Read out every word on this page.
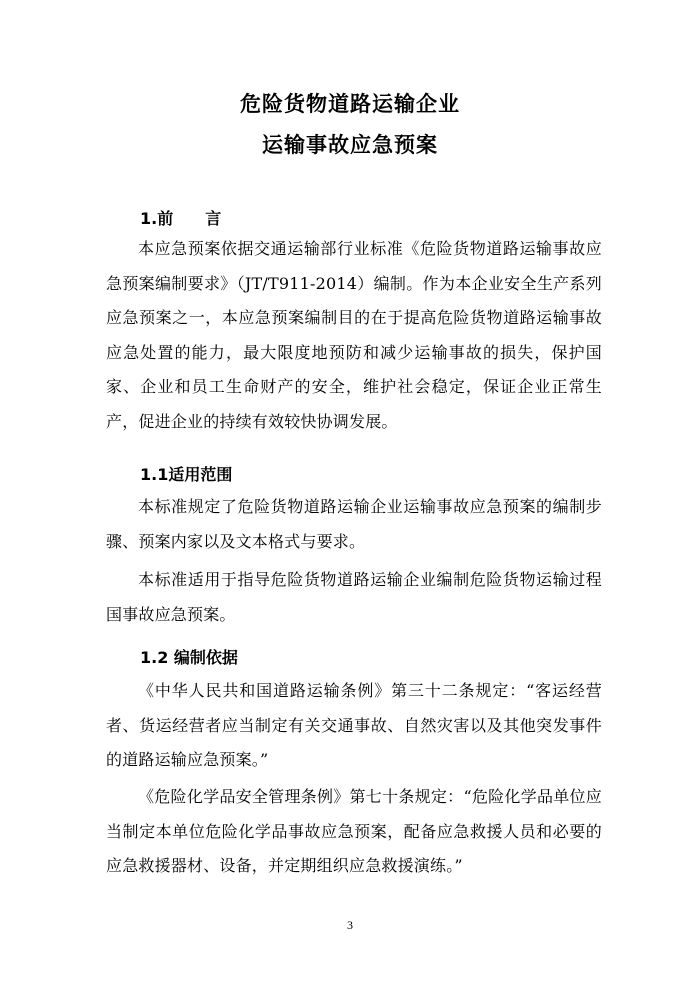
危险货物道路运输企业
运输事故应急预案
1.前　　言

本应急预案依据交通运输部行业标准《危险货物道路运输事故应急预案编制要求》（JT/T911-2014）编制。作为本企业安全生产系列应急预案之一，本应急预案编制目的在于提高危险货物道路运输事故应急处置的能力，最大限度地预防和减少运输事故的损失，保护国家、企业和员工生命财产的安全，维护社会稳定，保证企业正常生产，促进企业的持续有效较快协调发展。

1.1适用范围

本标准规定了危险货物道路运输企业运输事故应急预案的编制步骤、预案内家以及文本格式与要求。

本标准适用于指导危险货物道路运输企业编制危险货物运输过程国事故应急预案。

1.2 编制依据

《中华人民共和国道路运输条例》第三十二条规定：“客运经营者、货运经营者应当制定有关交通事故、自然灾害以及其他突发事件的道路运输应急预案。”

《危险化学品安全管理条例》第七十条规定：“危险化学品单位应当制定本单位危险化学品事故应急预案，配备应急救援人员和必要的应急救援器材、设备，并定期组织应急救援演练。”

3
